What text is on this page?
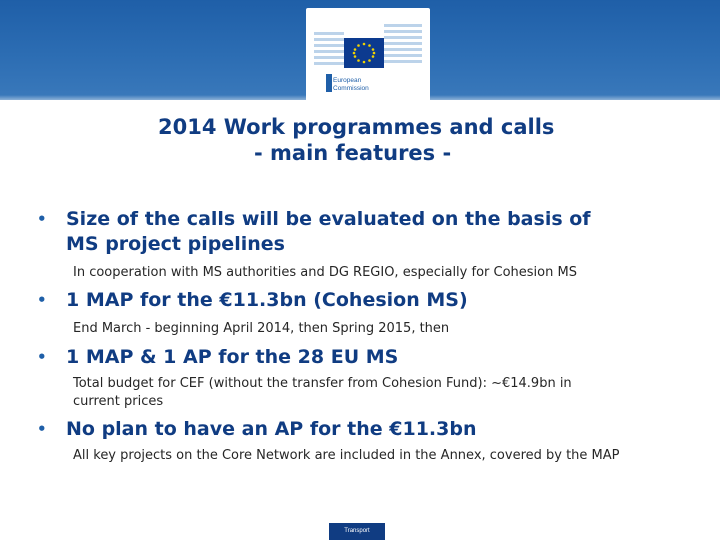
European
Commission
2014 Work programmes and calls
- main features -
• Size of the calls will be evaluated on the basis of
MS project pipelines
In cooperation with MS authorities and DG REGIO, especially for Cohesion MS
• 1 MAP for the €11.3bn (Cohesion MS)
End March - beginning April 2014, then Spring 2015, then
• 1 MAP & 1 AP for the 28 EU MS
Total budget for CEF (without the transfer from Cohesion Fund): ~€14.9bn in
current prices
• No plan to have an AP for the €11.3bn
All key projects on the Core Network are included in the Annex, covered by the MAP
Transport
